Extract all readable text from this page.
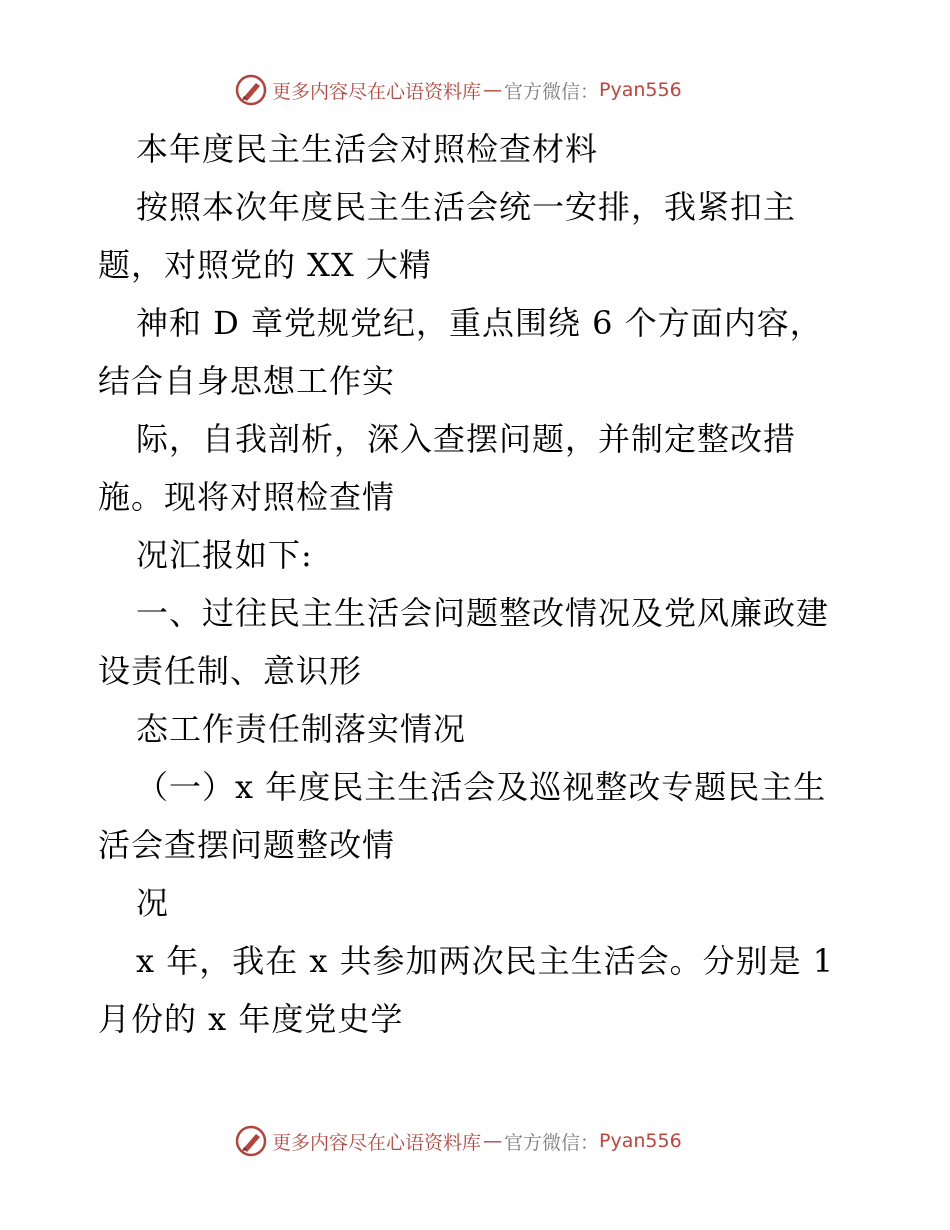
更多内容尽在心语资料库 — 官方微信： Pyan556
本年度民主生活会对照检查材料
按照本次年度民主生活会统一安排，我紧扣主
题，对照党的 XX 大精
神和 D 章党规党纪，重点围绕 6 个方面内容，
结合自身思想工作实
际，自我剖析，深入查摆问题，并制定整改措
施。现将对照检查情
况汇报如下:
一、过往民主生活会问题整改情况及党风廉政建
设责任制、意识形
态工作责任制落实情况
（一）x 年度民主生活会及巡视整改专题民主生
活会查摆问题整改情
况
x 年，我在 x 共参加两次民主生活会。分别是 1
月份的 x 年度党史学
更多内容尽在心语资料库 — 官方微信： Pyan556
